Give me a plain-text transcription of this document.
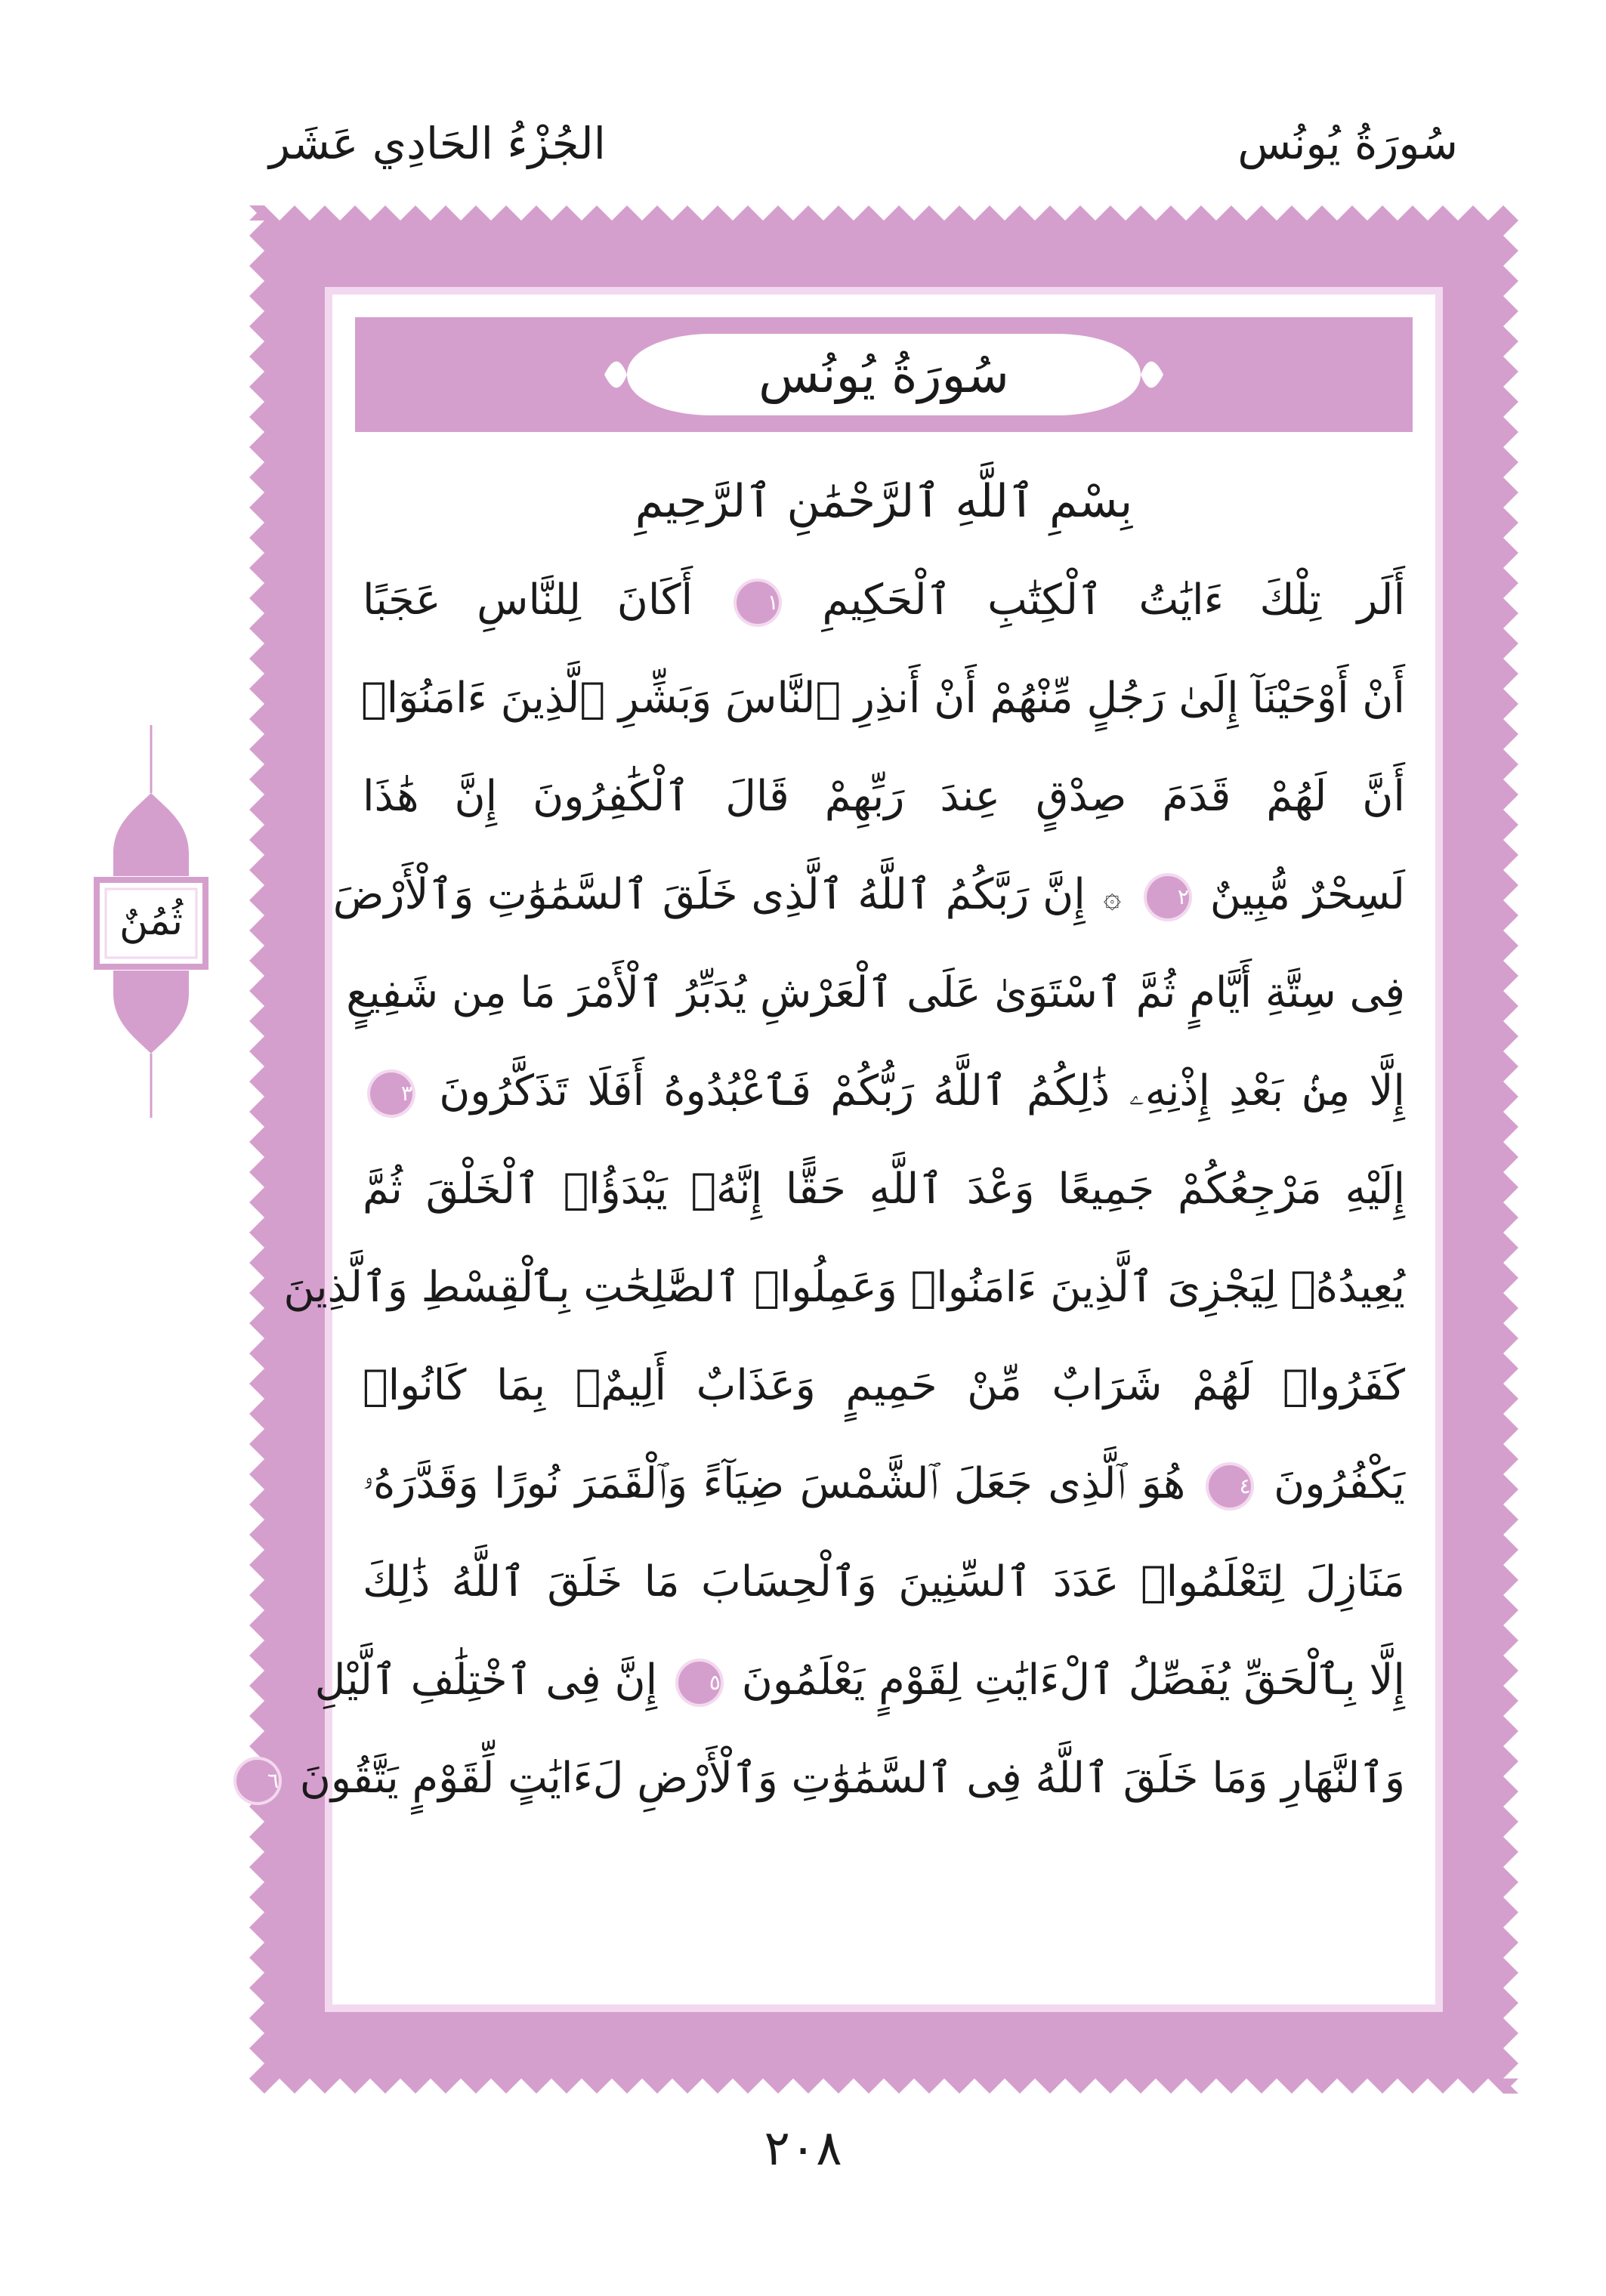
سُورَةُ يُونُس
الجُزْءُ الحَادِي عَشَر
ثُمُنٌ
سُورَةُ يُونُس
بِسْمِ ٱللَّهِ ٱلرَّحْمَٰنِ ٱلرَّحِيمِ
أَلَر تِلْكَ ءَايَٰتُ ٱلْكِتَٰبِ ٱلْحَكِيمِ ١ أَكَانَ لِلنَّاسِ عَجَبًا
أَنْ أَوْحَيْنَآ إِلَىٰ رَجُلٍ مِّنْهُمْ أَنْ أَنذِرِ ٱلنَّاسَ وَبَشِّرِ ٱلَّذِينَ ءَامَنُوٓا۟
أَنَّ لَهُمْ قَدَمَ صِدْقٍ عِندَ رَبِّهِمْ قَالَ ٱلْكَٰفِرُونَ إِنَّ هَٰذَا
لَسِحْرٌ مُّبِينٌ ٢ ۞ إِنَّ رَبَّكُمُ ٱللَّهُ ٱلَّذِى خَلَقَ ٱلسَّمَٰوَٰتِ وَٱلْأَرْضَ
فِى سِتَّةِ أَيَّامٍ ثُمَّ ٱسْتَوَىٰ عَلَى ٱلْعَرْشِ يُدَبِّرُ ٱلْأَمْرَ مَا مِن شَفِيعٍ
إِلَّا مِنۢ بَعْدِ إِذْنِهِۦ ذَٰلِكُمُ ٱللَّهُ رَبُّكُمْ فَٱعْبُدُوهُ أَفَلَا تَذَكَّرُونَ ٣
إِلَيْهِ مَرْجِعُكُمْ جَمِيعًا وَعْدَ ٱللَّهِ حَقًّا إِنَّهُۥ يَبْدَؤُا۟ ٱلْخَلْقَ ثُمَّ
يُعِيدُهُۥ لِيَجْزِىَ ٱلَّذِينَ ءَامَنُوا۟ وَعَمِلُوا۟ ٱلصَّٰلِحَٰتِ بِٱلْقِسْطِ وَٱلَّذِينَ
كَفَرُوا۟ لَهُمْ شَرَابٌ مِّنْ حَمِيمٍ وَعَذَابٌ أَلِيمٌۢ بِمَا كَانُوا۟
يَكْفُرُونَ ٤ هُوَ ٱلَّذِى جَعَلَ ٱلشَّمْسَ ضِيَآءً وَٱلْقَمَرَ نُورًا وَقَدَّرَهُۥ
مَنَازِلَ لِتَعْلَمُوا۟ عَدَدَ ٱلسِّنِينَ وَٱلْحِسَابَ مَا خَلَقَ ٱللَّهُ ذَٰلِكَ
إِلَّا بِٱلْحَقِّ يُفَصِّلُ ٱلْءَايَٰتِ لِقَوْمٍ يَعْلَمُونَ ٥ إِنَّ فِى ٱخْتِلَٰفِ ٱلَّيْلِ
وَٱلنَّهَارِ وَمَا خَلَقَ ٱللَّهُ فِى ٱلسَّمَٰوَٰتِ وَٱلْأَرْضِ لَءَايَٰتٍ لِّقَوْمٍ يَتَّقُونَ ٦
٢٠٨
